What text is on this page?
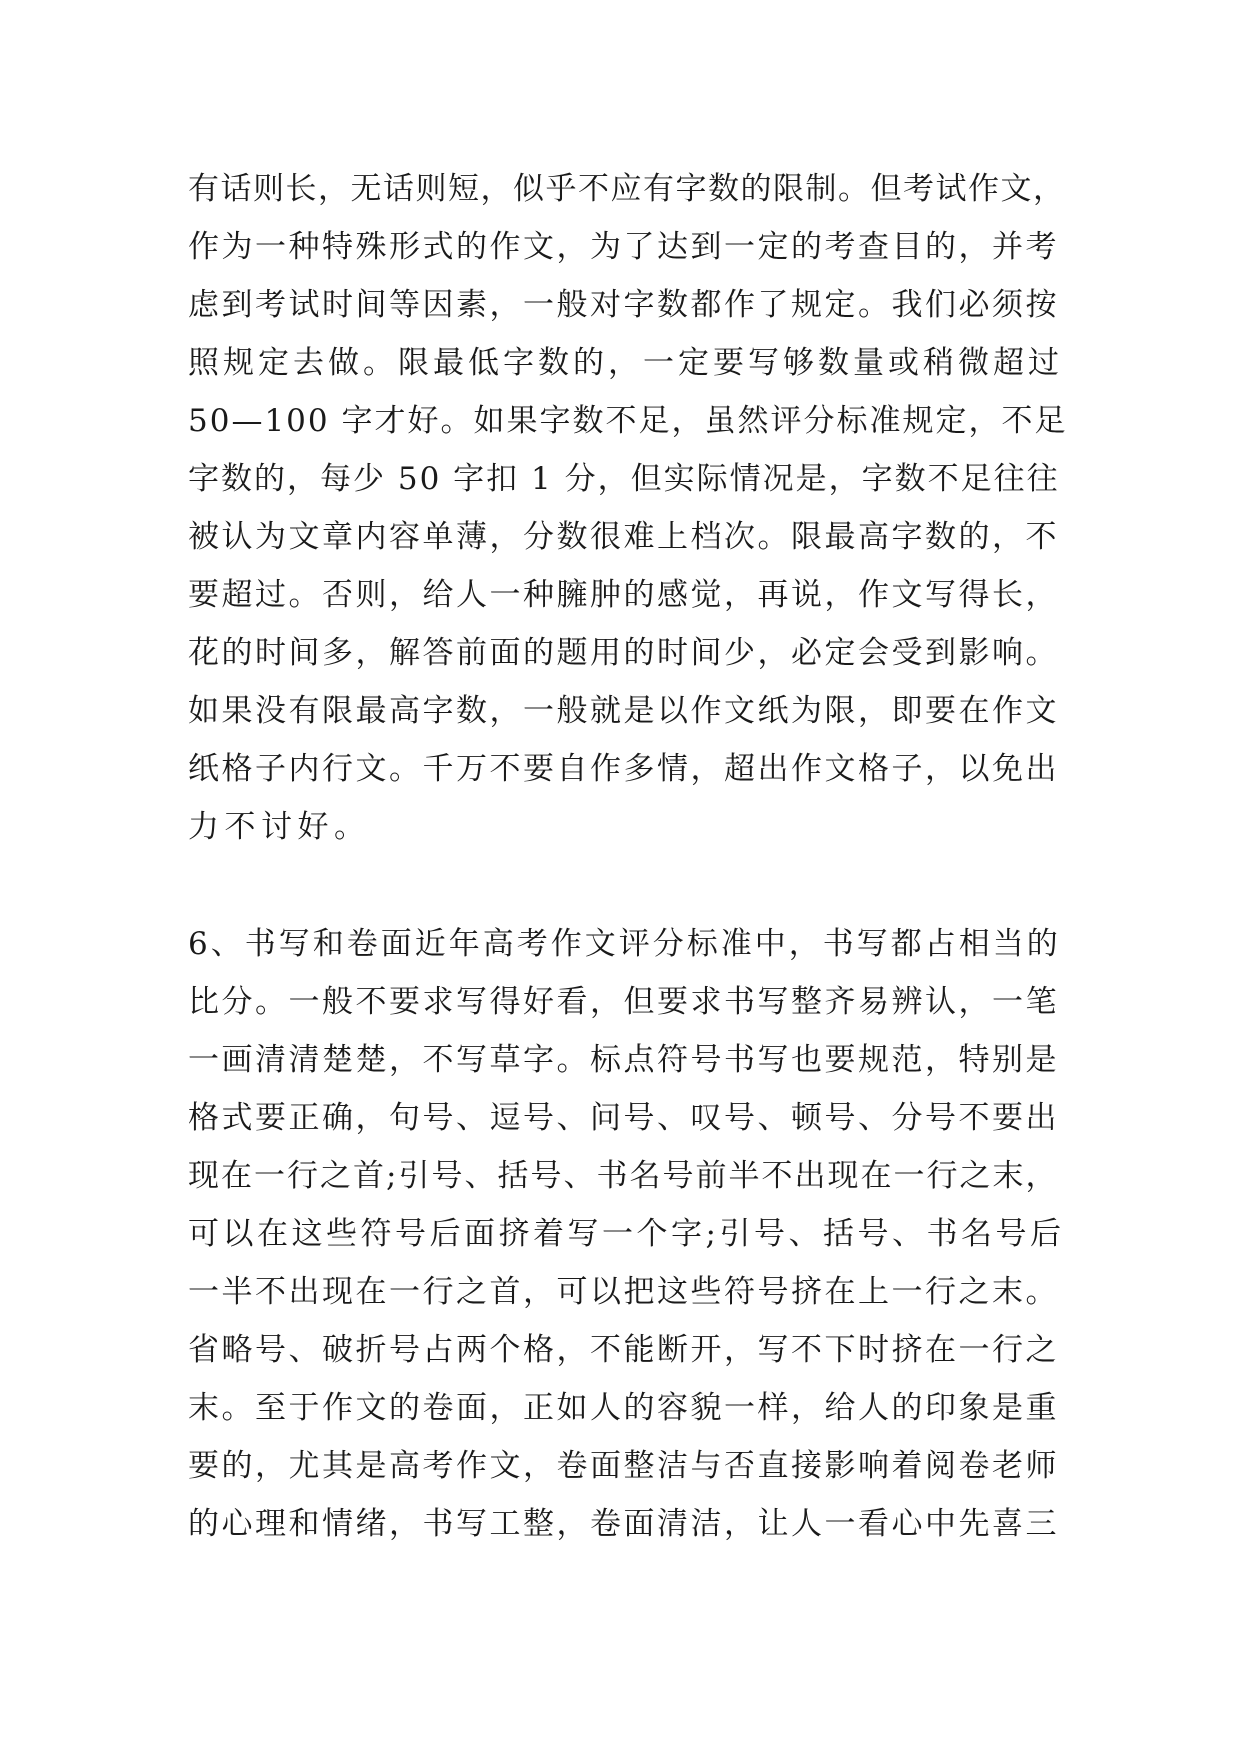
有话则长，无话则短，似乎不应有字数的限制。但考试作文，
作为一种特殊形式的作文，为了达到一定的考查目的，并考
虑到考试时间等因素，一般对字数都作了规定。我们必须按
照规定去做。限最低字数的，一定要写够数量或稍微超过
50—100 字才好。如果字数不足，虽然评分标准规定，不足
字数的，每少 50 字扣 1 分，但实际情况是，字数不足往往
被认为文章内容单薄，分数很难上档次。限最高字数的，不
要超过。否则，给人一种臃肿的感觉，再说，作文写得长，
花的时间多，解答前面的题用的时间少，必定会受到影响。
如果没有限最高字数，一般就是以作文纸为限，即要在作文
纸格子内行文。千万不要自作多情，超出作文格子，以免出
力不讨好。
6、书写和卷面近年高考作文评分标准中，书写都占相当的
比分。一般不要求写得好看，但要求书写整齐易辨认，一笔
一画清清楚楚，不写草字。标点符号书写也要规范，特别是
格式要正确，句号、逗号、问号、叹号、顿号、分号不要出
现在一行之首;引号、括号、书名号前半不出现在一行之末，
可以在这些符号后面挤着写一个字;引号、括号、书名号后
一半不出现在一行之首，可以把这些符号挤在上一行之末。
省略号、破折号占两个格，不能断开，写不下时挤在一行之
末。至于作文的卷面，正如人的容貌一样，给人的印象是重
要的，尤其是高考作文，卷面整洁与否直接影响着阅卷老师
的心理和情绪，书写工整，卷面清洁，让人一看心中先喜三
